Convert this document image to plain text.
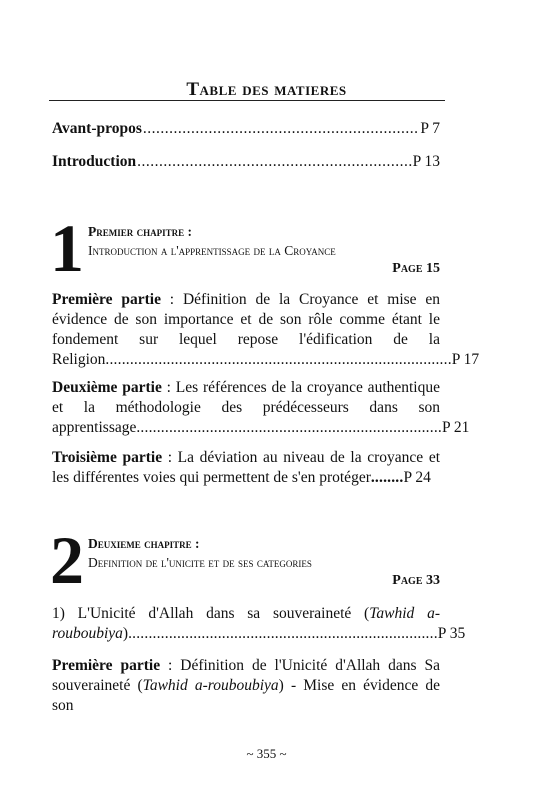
Table des matieres
Avant-propos .....	P 7
Introduction .....	P 13
1 Premier chapitre :
Introduction a l'apprentissage de la Croyance
Page 15
Première partie : Définition de la Croyance et mise en évidence de son importance et de son rôle comme étant le fondement sur lequel repose l'édification de la Religion.....................................................................................P 17
Deuxième partie : Les références de la croyance authentique et la méthodologie des prédécesseurs dans son apprentissage...........................................................................P 21
Troisième partie : La déviation au niveau de la croyance et les différentes voies qui permettent de s'en protéger........P 24
2 Deuxieme chapitre :
Definition de l'unicite et de ses categories
Page 33
1) L'Unicité d'Allah dans sa souveraineté (Tawhid a-rouboubiya)............................................................................P 35
Première partie : Définition de l'Unicité d'Allah dans Sa souveraineté (Tawhid a-rouboubiya) - Mise en évidence de son
~ 355 ~
